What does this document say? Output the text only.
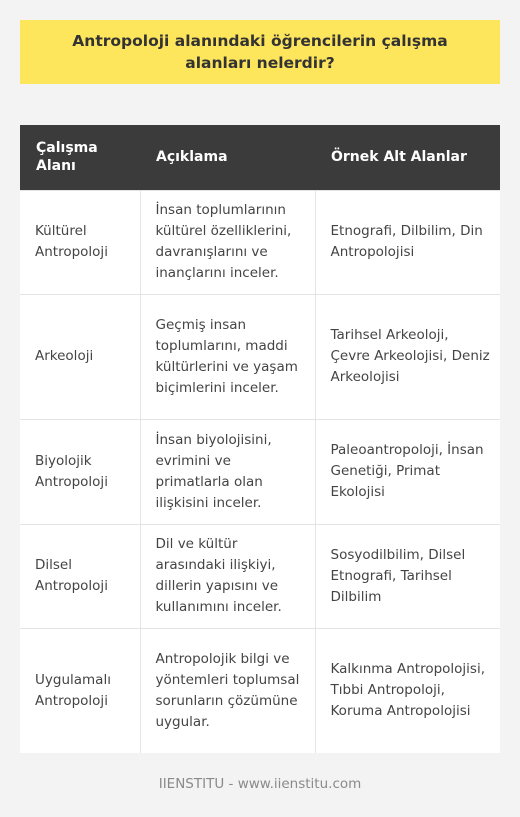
Antropoloji alanındaki öğrencilerin çalışma alanları nelerdir?
Çalışma Alanı	Açıklama	Örnek Alt Alanlar
Kültürel Antropoloji	İnsan toplumlarının kültürel özelliklerini, davranışlarını ve inançlarını inceler.	Etnografi, Dilbilim, Din Antropolojisi
Arkeoloji	Geçmiş insan toplumlarını, maddi kültürlerini ve yaşam biçimlerini inceler.	Tarihsel Arkeoloji, Çevre Arkeolojisi, Deniz Arkeolojisi
Biyolojik Antropoloji	İnsan biyolojisini, evrimini ve primatlarla olan ilişkisini inceler.	Paleoantropoloji, İnsan Genetiği, Primat Ekolojisi
Dilsel Antropoloji	Dil ve kültür arasındaki ilişkiyi, dillerin yapısını ve kullanımını inceler.	Sosyodilbilim, Dilsel Etnografi, Tarihsel Dilbilim
Uygulamalı Antropoloji	Antropolojik bilgi ve yöntemleri toplumsal sorunların çözümüne uygular.	Kalkınma Antropolojisi, Tıbbi Antropoloji, Koruma Antropolojisi
IIENSTITU - www.iienstitu.com
